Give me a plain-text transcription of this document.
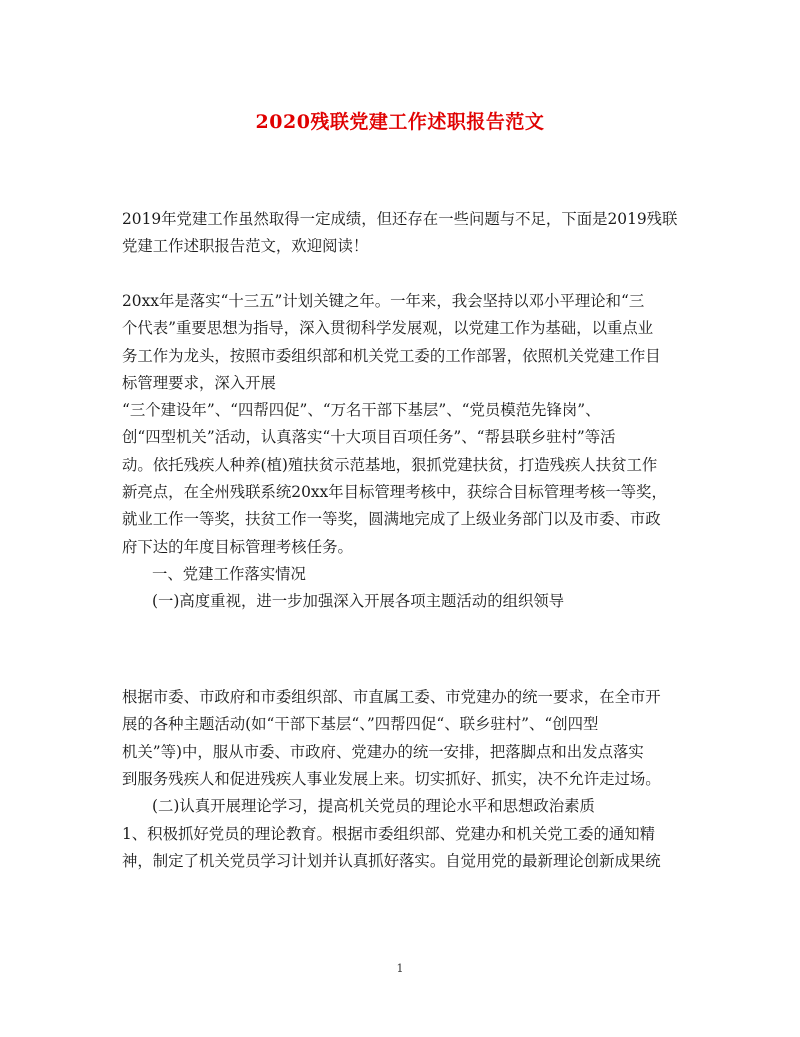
2020残联党建工作述职报告范文

2019年党建工作虽然取得一定成绩，但还存在一些问题与不足，下面是2019残联
党建工作述职报告范文，欢迎阅读！

20xx年是落实“十三五”计划关键之年。一年来，我会坚持以邓小平理论和“三
个代表”重要思想为指导，深入贯彻科学发展观，以党建工作为基础，以重点业
务工作为龙头，按照市委组织部和机关党工委的工作部署，依照机关党建工作目
标管理要求，深入开展
“三个建设年”、“四帮四促”、“万名干部下基层”、“党员模范先锋岗”、
创“四型机关”活动，认真落实“十大项目百项任务”、“帮县联乡驻村”等活
动。依托残疾人种养(植)殖扶贫示范基地，狠抓党建扶贫，打造残疾人扶贫工作
新亮点，在全州残联系统20xx年目标管理考核中，获综合目标管理考核一等奖，
就业工作一等奖，扶贫工作一等奖，圆满地完成了上级业务部门以及市委、市政
府下达的年度目标管理考核任务。
一、党建工作落实情况
(一)高度重视，进一步加强深入开展各项主题活动的组织领导

根据市委、市政府和市委组织部、市直属工委、市党建办的统一要求，在全市开
展的各种主题活动(如“干部下基层“、”四帮四促“、联乡驻村”、“创四型
机关”等)中，服从市委、市政府、党建办的统一安排，把落脚点和出发点落实
到服务残疾人和促进残疾人事业发展上来。切实抓好、抓实，决不允许走过场。
(二)认真开展理论学习，提高机关党员的理论水平和思想政治素质

1、积极抓好党员的理论教育。根据市委组织部、党建办和机关党工委的通知精
神，制定了机关党员学习计划并认真抓好落实。自觉用党的最新理论创新成果统

1
